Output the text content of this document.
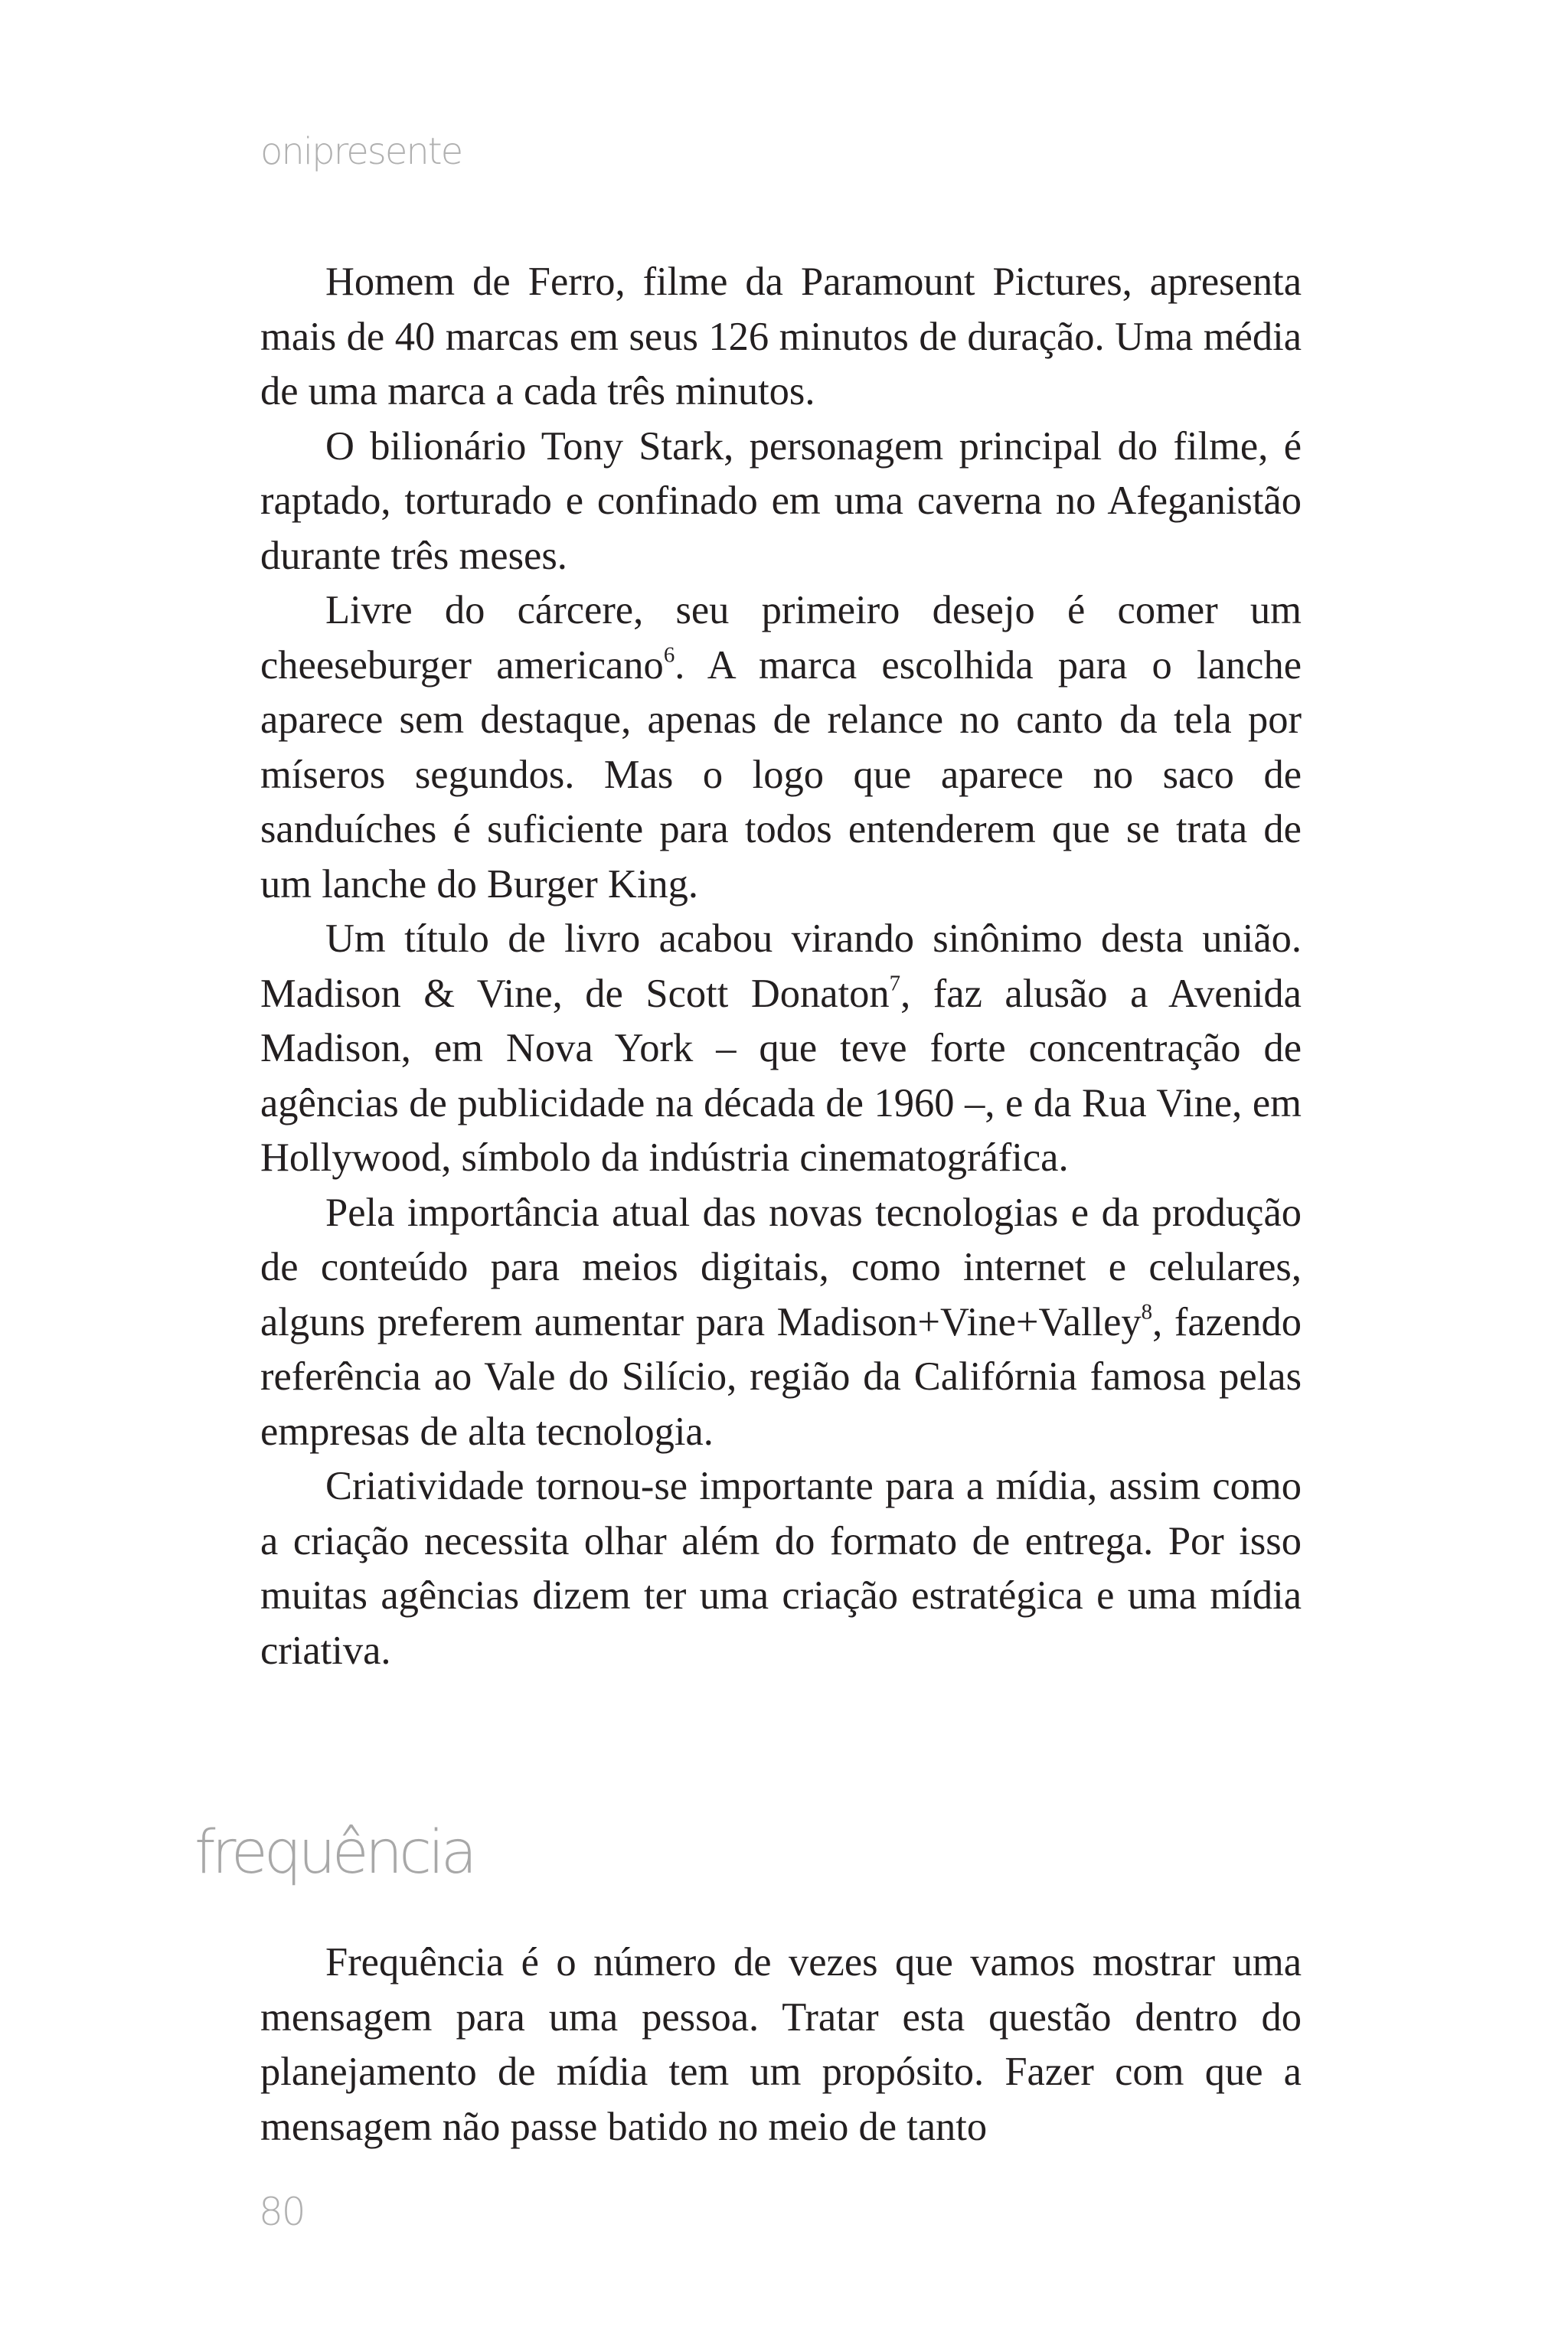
onipresente

Homem de Ferro, filme da Paramount Pictures, apresenta mais de 40 marcas em seus 126 minutos de duração. Uma média de uma marca a cada três minutos.

O bilionário Tony Stark, personagem principal do filme, é raptado, torturado e confinado em uma caverna no Afeganistão durante três meses.

Livre do cárcere, seu primeiro desejo é comer um cheeseburger americano$^6$. A marca escolhida para o lanche aparece sem destaque, apenas de relance no canto da tela por míseros segundos. Mas o logo que aparece no saco de sanduíches é suficiente para todos entenderem que se trata de um lanche do Burger King.

Um título de livro acabou virando sinônimo desta união. Madison & Vine, de Scott Donaton$^7$, faz alusão a Avenida Madison, em Nova York – que teve forte concentração de agências de publicidade na década de 1960 –, e da Rua Vine, em Hollywood, símbolo da indústria cinematográfica.

Pela importância atual das novas tecnologias e da produção de conteúdo para meios digitais, como internet e celulares, alguns preferem aumentar para Madison+Vine+Valley$^8$, fazendo referência ao Vale do Silício, região da Califórnia famosa pelas empresas de alta tecnologia.

Criatividade tornou-se importante para a mídia, assim como a criação necessita olhar além do formato de entrega. Por isso muitas agências dizem ter uma criação estratégica e uma mídia criativa.

frequência

Frequência é o número de vezes que vamos mostrar uma mensagem para uma pessoa. Tratar esta questão dentro do planejamento de mídia tem um propósito. Fazer com que a mensagem não passe batido no meio de tanto

80
